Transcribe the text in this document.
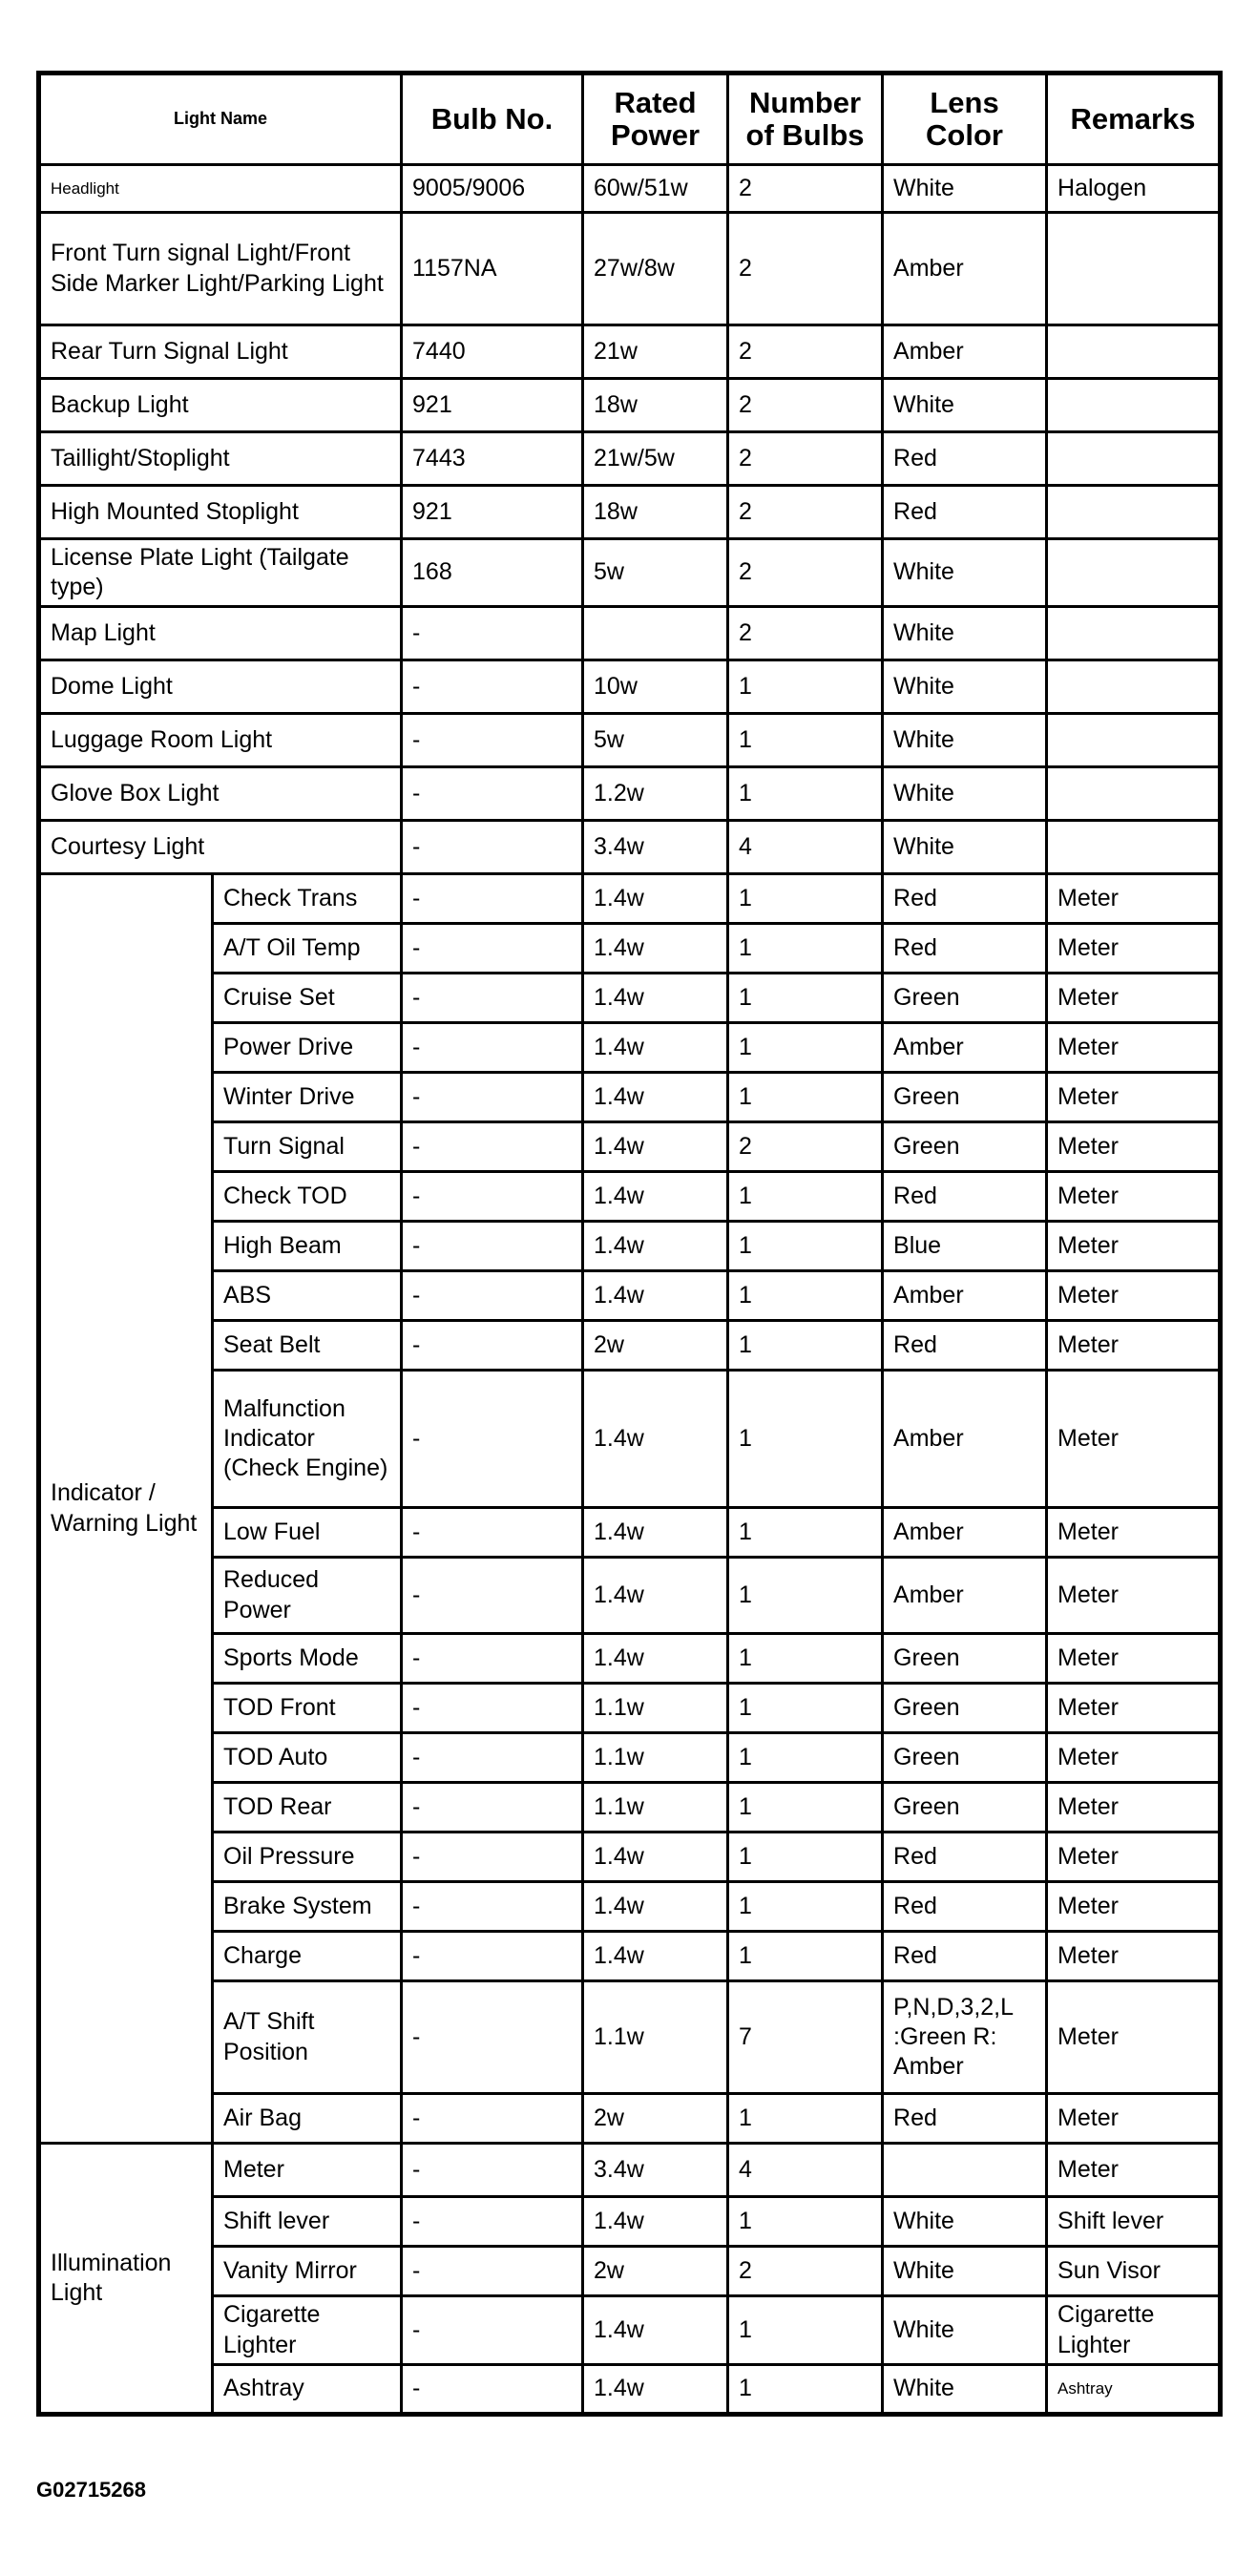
Light Name		Bulb No.	Rated Power	Number of Bulbs	Lens Color	Remarks
Headlight		9005/9006	60w/51w	2	White	Halogen
Front Turn signal Light/Front Side Marker Light/Parking Light		1157NA	27w/8w	2	Amber	
Rear Turn Signal Light		7440	21w	2	Amber	
Backup Light		921	18w	2	White	
Taillight/Stoplight		7443	21w/5w	2	Red	
High Mounted Stoplight		921	18w	2	Red	
License Plate Light (Tailgate type)		168	5w	2	White	
Map Light		-		2	White	
Dome Light		-	10w	1	White	
Luggage Room Light		-	5w	1	White	
Glove Box Light		-	1.2w	1	White	
Courtesy Light		-	3.4w	4	White	
Indicator / Warning Light	Check Trans	-	1.4w	1	Red	Meter
	A/T Oil Temp	-	1.4w	1	Red	Meter
	Cruise Set	-	1.4w	1	Green	Meter
	Power Drive	-	1.4w	1	Amber	Meter
	Winter Drive	-	1.4w	1	Green	Meter
	Turn Signal	-	1.4w	2	Green	Meter
	Check TOD	-	1.4w	1	Red	Meter
	High Beam	-	1.4w	1	Blue	Meter
	ABS	-	1.4w	1	Amber	Meter
	Seat Belt	-	2w	1	Red	Meter
	Malfunction Indicator (Check Engine)	-	1.4w	1	Amber	Meter
	Low Fuel	-	1.4w	1	Amber	Meter
	Reduced Power	-	1.4w	1	Amber	Meter
	Sports Mode	-	1.4w	1	Green	Meter
	TOD Front	-	1.1w	1	Green	Meter
	TOD Auto	-	1.1w	1	Green	Meter
	TOD Rear	-	1.1w	1	Green	Meter
	Oil Pressure	-	1.4w	1	Red	Meter
	Brake System	-	1.4w	1	Red	Meter
	Charge	-	1.4w	1	Red	Meter
	A/T Shift Position	-	1.1w	7	P,N,D,3,2,L :Green R: Amber	Meter
	Air Bag	-	2w	1	Red	Meter
Illumination Light	Meter	-	3.4w	4		Meter
	Shift lever	-	1.4w	1	White	Shift lever
	Vanity Mirror	-	2w	2	White	Sun Visor
	Cigarette Lighter	-	1.4w	1	White	Cigarette Lighter
	Ashtray	-	1.4w	1	White	Ashtray
G02715268
